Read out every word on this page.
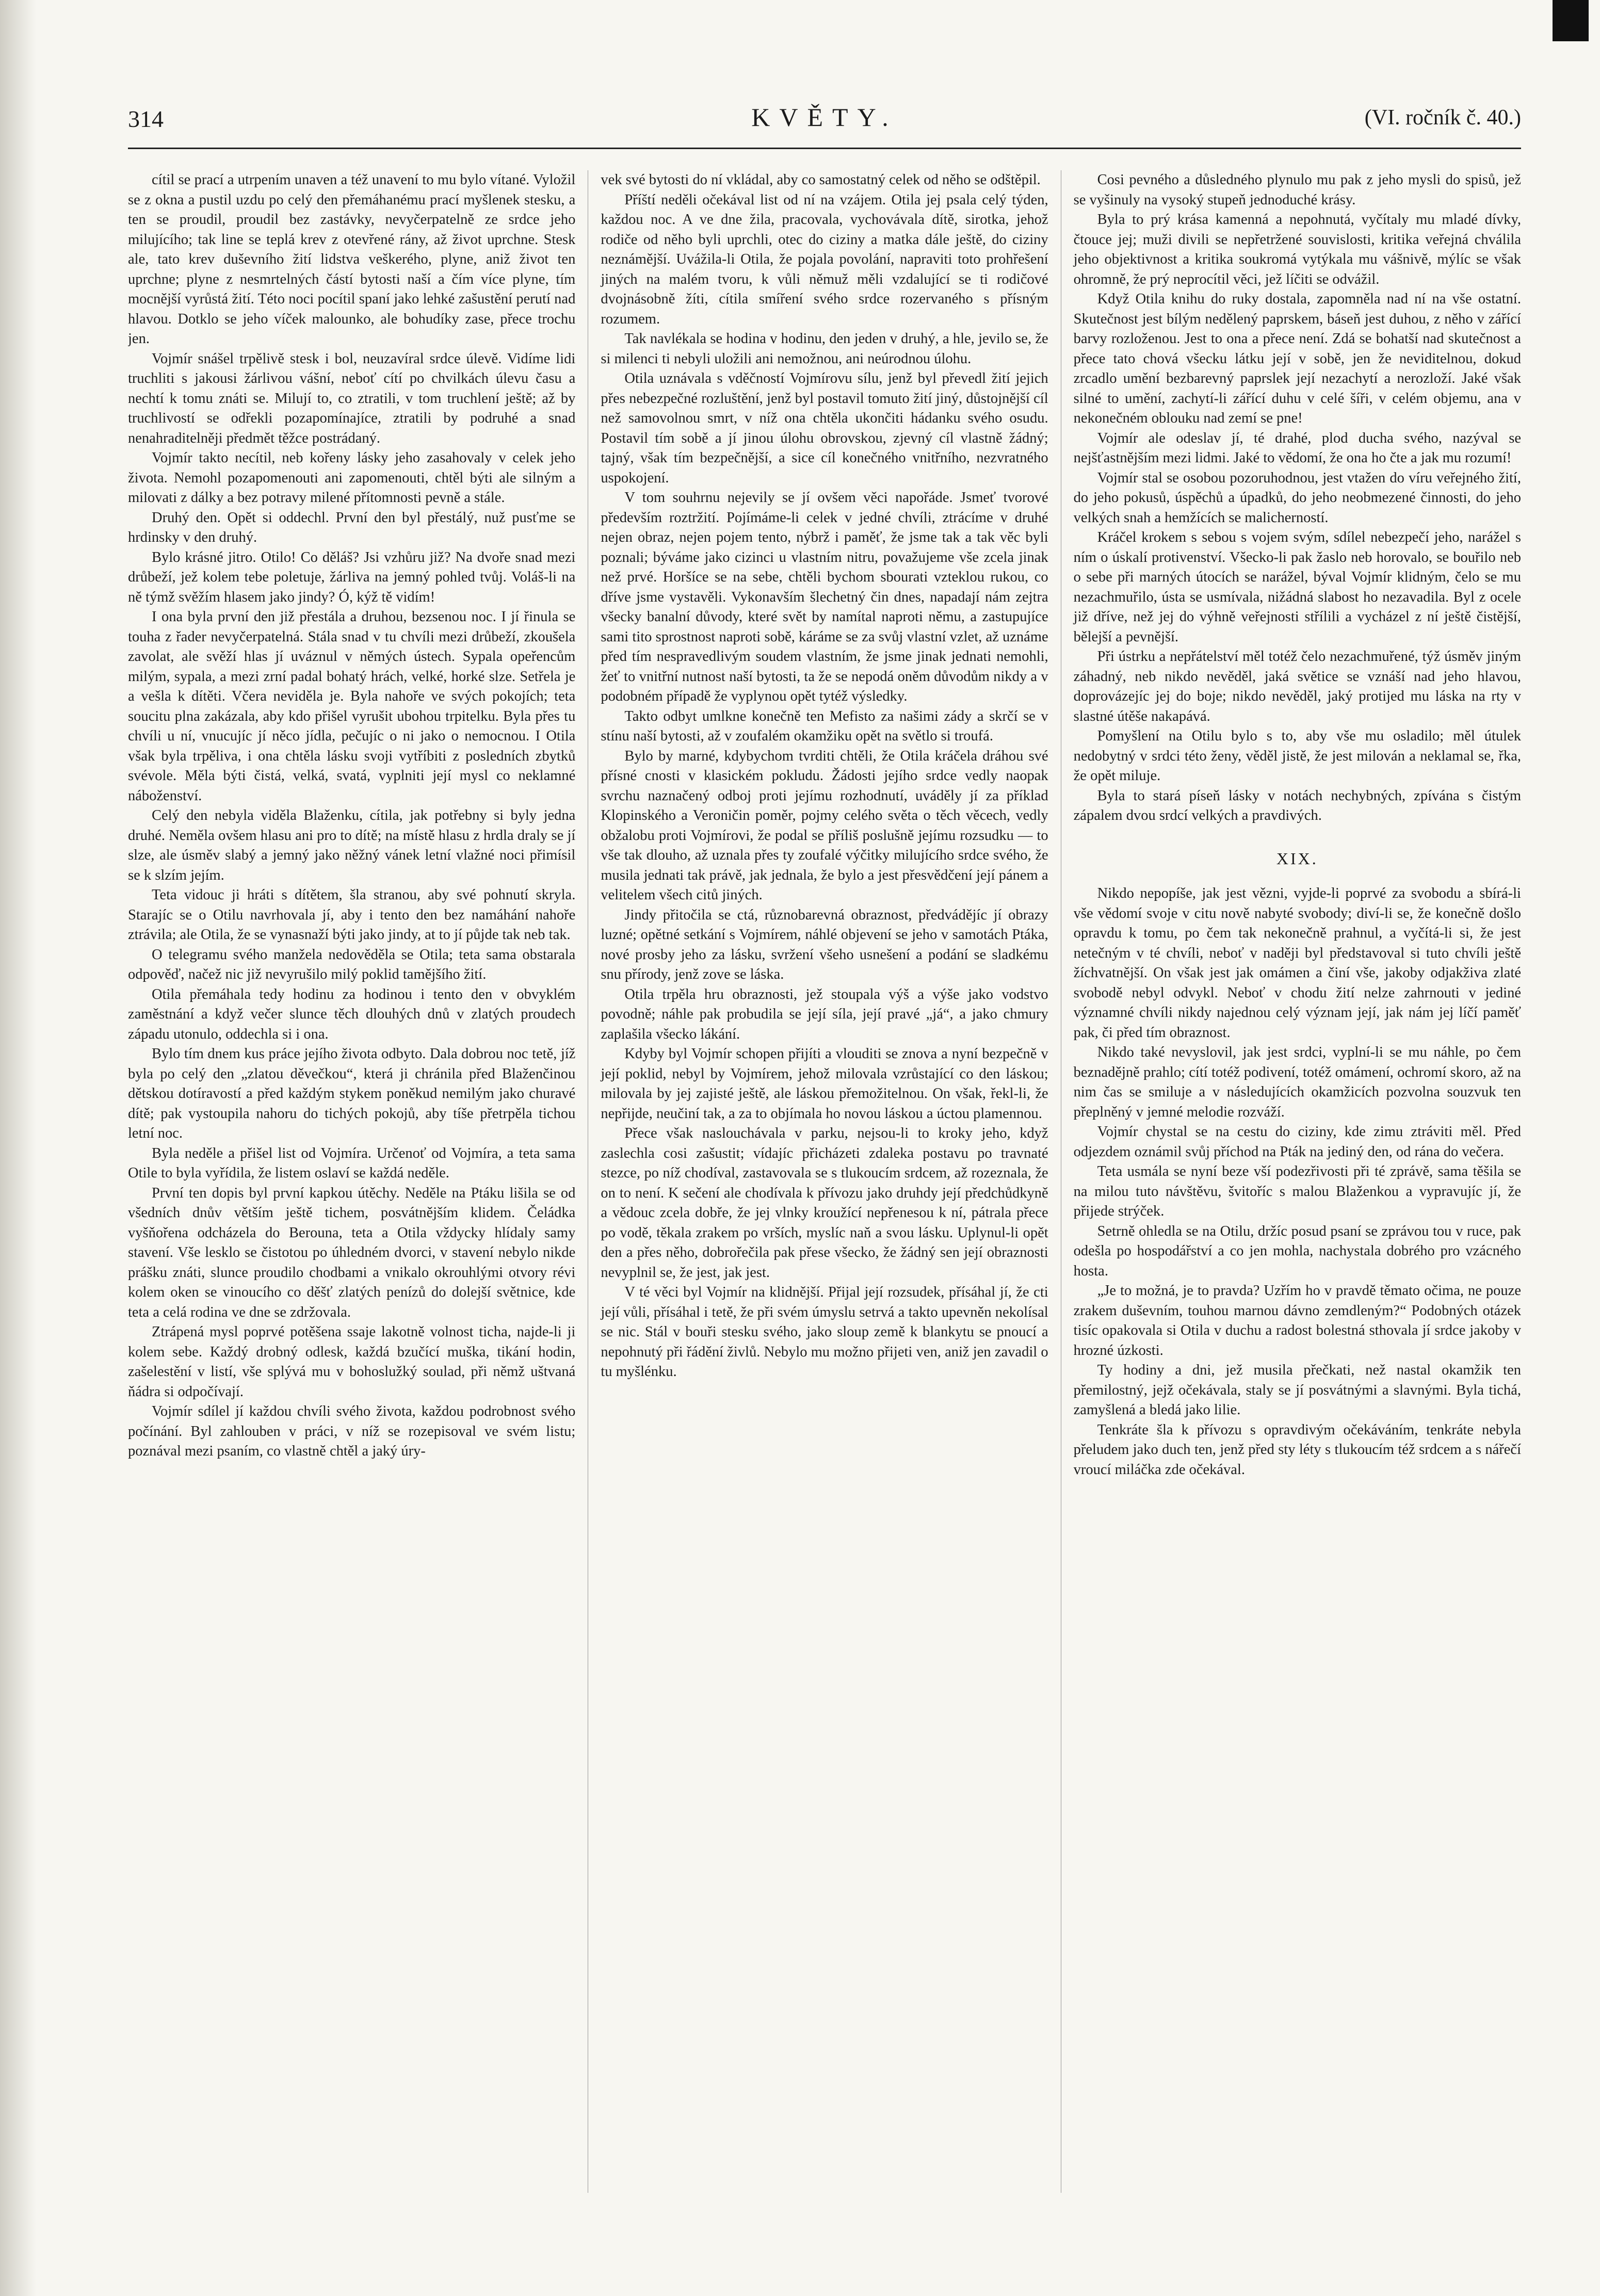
314	KVĚTY.	(VI. ročník č. 40.)

cítil se prací a utrpením unaven a též unavení to mu bylo vítané. Vyložil se z okna a pustil uzdu po celý den přemáhanému prací myšlenek stesku, a ten se proudil, proudil bez zastávky, nevyčerpatelně ze srdce jeho milujícího; tak line se teplá krev z otevřené rány, až život uprchne. Stesk ale, tato krev duševního žití lidstva veškerého, plyne, aniž život ten uprchne; plyne z nesmrtelných částí bytosti naší a čím více plyne, tím mocnější vyrůstá žití. Této noci pocítil spaní jako lehké zašustění perutí nad hlavou. Dotklo se jeho víček malounko, ale bohudíky zase, přece trochu jen.

Vojmír snášel trpělivě stesk i bol, neuzavíral srdce úlevě. Vidíme lidi truchliti s jakousi žárlivou vášní, neboť cítí po chvilkách úlevu času a nechtí k tomu znáti se. Milují to, co ztratili, v tom truchlení ještě; až by truchlivostí se odřekli pozapomínajíce, ztratili by podruhé a snad nenahraditelněji předmět těžce postrádaný.

Vojmír takto necítil, neb kořeny lásky jeho zasahovaly v celek jeho života. Nemohl pozapomenouti ani zapomenouti, chtěl býti ale silným a milovati z dálky a bez potravy milené přítomnosti pevně a stále.

Druhý den. Opět si oddechl. První den byl přestálý, nuž pusťme se hrdinsky v den druhý.

Bylo krásné jitro. Otilo! Co děláš? Jsi vzhůru již? Na dvoře snad mezi drůbeží, jež kolem tebe poletuje, žárliva na jemný pohled tvůj. Voláš-li na ně týmž svěžím hlasem jako jindy? Ó, kýž tě vidím!

I ona byla první den již přestála a druhou, bezsenou noc. I jí řinula se touha z řader nevyčerpatelná. Stála snad v tu chvíli mezi drůbeží, zkoušela zavolat, ale svěží hlas jí uváznul v němých ústech. Sypala opeřencům milým, sypala, a mezi zrní padal bohatý hrách, velké, horké slze. Setřela je a vešla k dítěti. Včera neviděla je. Byla nahoře ve svých pokojích; teta soucitu plna zakázala, aby kdo přišel vyrušit ubohou trpitelku. Byla přes tu chvíli u ní, vnucujíc jí něco jídla, pečujíc o ni jako o nemocnou. I Otila však byla trpěliva, i ona chtěla lásku svoji vytříbiti z posledních zbytků svévole. Měla býti čistá, velká, svatá, vyplniti její mysl co neklamné náboženství.

Celý den nebyla viděla Blaženku, cítila, jak potřebny si byly jedna druhé. Neměla ovšem hlasu ani pro to dítě; na místě hlasu z hrdla draly se jí slze, ale úsměv slabý a jemný jako něžný vánek letní vlažné noci přimísil se k slzím jejím.

Teta vidouc ji hráti s dítětem, šla stranou, aby své pohnutí skryla. Starajíc se o Otilu navrhovala jí, aby i tento den bez namáhání nahoře ztrávila; ale Otila, že se vynasnaží býti jako jindy, at to jí půjde tak neb tak.

O telegramu svého manžela nedověděla se Otila; teta sama obstarala odpověď, načež nic již nevyrušilo milý poklid tamějšího žití.

Otila přemáhala tedy hodinu za hodinou i tento den v obvyklém zaměstnání a když večer slunce těch dlouhých dnů v zlatých proudech západu utonulo, oddechla si i ona.

Bylo tím dnem kus práce jejího života odbyto. Dala dobrou noc tetě, jíž byla po celý den „zlatou děvečkou“, která ji chránila před Blaženčinou dětskou dotíravostí a před každým stykem poněkud nemilým jako churavé dítě; pak vystoupila nahoru do tichých pokojů, aby tíše přetrpěla tichou letní noc.

Byla neděle a přišel list od Vojmíra. Určenoť od Vojmíra, a teta sama Otile to byla vyřídila, že listem oslaví se každá neděle.

První ten dopis byl první kapkou útěchy. Neděle na Ptáku lišila se od všedních dnův větším ještě tichem, posvátnějším klidem. Čeládka vyšňořena odcházela do Berouna, teta a Otila vždycky hlídaly samy stavení. Vše lesklo se čistotou po úhledném dvorci, v stavení nebylo nikde prášku znáti, slunce proudilo chodbami a vnikalo okrouhlými otvory révi kolem oken se vinoucího co děšť zlatých penízů do dolejší světnice, kde teta a celá rodina ve dne se zdržovala.

Ztrápená mysl poprvé potěšena ssaje lakotně volnost ticha, najde-li ji kolem sebe. Každý drobný odlesk, každá bzučící muška, tikání hodin, zašelestění v listí, vše splývá mu v bohoslužký soulad, při němž uštvaná ňádra si odpočívají.

Vojmír sdílel jí každou chvíli svého života, každou podrobnost svého počínání. Byl zahlouben v práci, v níž se rozepisoval ve svém listu; poznával mezi psaním, co vlastně chtěl a jaký úry-

vek své bytosti do ní vkládal, aby co samostatný celek od něho se odštěpil.

Příští neděli očekával list od ní na vzájem. Otila jej psala celý týden, každou noc. A ve dne žila, pracovala, vychovávala dítě, sirotka, jehož rodiče od něho byli uprchli, otec do ciziny a matka dále ještě, do ciziny neznámější. Uvážila-li Otila, že pojala povolání, napraviti toto prohřešení jiných na malém tvoru, k vůli němuž měli vzdalující se ti rodičové dvojnásobně žíti, cítila smíření svého srdce rozervaného s přísným rozumem.

Tak navlékala se hodina v hodinu, den jeden v druhý, a hle, jevilo se, že si milenci ti nebyli uložili ani nemožnou, ani neúrodnou úlohu.

Otila uznávala s vděčností Vojmírovu sílu, jenž byl převedl žití jejich přes nebezpečné rozluštění, jenž byl postavil tomuto žití jiný, důstojnější cíl než samovolnou smrt, v níž ona chtěla ukončiti hádanku svého osudu. Postavil tím sobě a jí jinou úlohu obrovskou, zjevný cíl vlastně žádný; tajný, však tím bezpečnější, a sice cíl konečného vnitřního, nezvratného uspokojení.

V tom souhrnu nejevily se jí ovšem věci napořáde. Jsmeť tvorové především roztržití. Pojímáme-li celek v jedné chvíli, ztrácíme v druhé nejen obraz, nejen pojem tento, nýbrž i paměť, že jsme tak a tak věc byli poznali; býváme jako cizinci u vlastním nitru, považujeme vše zcela jinak než prvé. Horšíce se na sebe, chtěli bychom sbourati vzteklou rukou, co dříve jsme vystavěli. Vykonavším šlechetný čin dnes, napadají nám zejtra všecky banalní důvody, které svět by namítal naproti němu, a zastupujíce sami tito sprostnost naproti sobě, káráme se za svůj vlastní vzlet, až uznáme před tím nespravedlivým soudem vlastním, že jsme jinak jednati nemohli, žeť to vnitřní nutnost naší bytosti, ta že se nepodá oněm důvodům nikdy a v podobném případě že vyplynou opět tytéž výsledky.

Takto odbyt umlkne konečně ten Mefisto za našimi zády a skrčí se v stínu naší bytosti, až v zoufalém okamžiku opět na světlo si troufá.

Bylo by marné, kdybychom tvrditi chtěli, že Otila kráčela dráhou své přísné cnosti v klasickém pokludu. Žádosti jejího srdce vedly naopak svrchu naznačený odboj proti jejímu rozhodnutí, uváděly jí za příklad Klopinského a Veroničin poměr, pojmy celého světa o těch věcech, vedly obžalobu proti Vojmírovi, že podal se příliš poslušně jejímu rozsudku — to vše tak dlouho, až uznala přes ty zoufalé výčitky milujícího srdce svého, že musila jednati tak právě, jak jednala, že bylo a jest přesvědčení její pánem a velitelem všech citů jiných.

Jindy přitočila se ctá, různobarevná obraznost, předvádějíc jí obrazy luzné; opětné setkání s Vojmírem, náhlé objevení se jeho v samotách Ptáka, nové prosby jeho za lásku, svržení všeho usnešení a podání se sladkému snu přírody, jenž zove se láska.

Otila trpěla hru obraznosti, jež stoupala výš a výše jako vodstvo povodně; náhle pak probudila se její síla, její pravé „já“, a jako chmury zaplašila všecko lákání.

Kdyby byl Vojmír schopen přijíti a vlouditi se znova a nyní bezpečně v její poklid, nebyl by Vojmírem, jehož milovala vzrůstající co den láskou; milovala by jej zajisté ještě, ale láskou přemožitelnou. On však, řekl-li, že nepřijde, neučiní tak, a za to objímala ho novou láskou a úctou plamennou.

Přece však naslouchávala v parku, nejsou-li to kroky jeho, když zaslechla cosi zašustit; vídajíc přicházeti zdaleka postavu po travnaté stezce, po níž chodíval, zastavovala se s tlukoucím srdcem, až rozeznala, že on to není. K sečení ale chodívala k přívozu jako druhdy její předchůdkyně a vědouc zcela dobře, že jej vlnky kroužící nepřenesou k ní, pátrala přece po vodě, těkala zrakem po vrších, myslíc naň a svou lásku. Uplynul-li opět den a přes něho, dobrořečila pak přese všecko, že žádný sen její obraznosti nevyplnil se, že jest, jak jest.

V té věci byl Vojmír na klidnější. Přijal její rozsudek, přísáhal jí, že cti její vůli, přísáhal i tetě, že při svém úmyslu setrvá a takto upevněn nekolísal se nic. Stál v bouři stesku svého, jako sloup země k blankytu se pnoucí a nepohnutý při řádění živlů. Nebylo mu možno přijeti ven, aniž jen zavadil o tu myšlénku.

Cosi pevného a důsledného plynulo mu pak z jeho mysli do spisů, jež se vyšinuly na vysoký stupeň jednoduché krásy.

Byla to prý krása kamenná a nepohnutá, vyčítaly mu mladé dívky, čtouce jej; muži divili se nepřetržené souvislosti, kritika veřejná chválila jeho objektivnost a kritika soukromá vytýkala mu vášnivě, mýlíc se však ohromně, že prý neprocítil věci, jež líčiti se odvážil.

Když Otila knihu do ruky dostala, zapomněla nad ní na vše ostatní. Skutečnost jest bílým nedělený paprskem, báseň jest duhou, z něho v zářící barvy rozloženou. Jest to ona a přece není. Zdá se bohatší nad skutečnost a přece tato chová všecku látku její v sobě, jen že neviditelnou, dokud zrcadlo umění bezbarevný paprslek její nezachytí a nerozloží. Jaké však silné to umění, zachytí-li zářící duhu v celé šíři, v celém objemu, ana v nekonečném oblouku nad zemí se pne!

Vojmír ale odeslav jí, té drahé, plod ducha svého, nazýval se nejšťastnějším mezi lidmi. Jaké to vědomí, že ona ho čte a jak mu rozumí!

Vojmír stal se osobou pozoruhodnou, jest vtažen do víru veřejného žití, do jeho pokusů, úspěchů a úpadků, do jeho neobmezené činnosti, do jeho velkých snah a hemžících se malicherností.

Kráčel krokem s sebou s vojem svým, sdílel nebezpečí jeho, narážel s ním o úskalí protivenství. Všecko-li pak žaslo neb horovalo, se bouřilo neb o sebe při marných útocích se narážel, býval Vojmír klidným, čelo se mu nezachmuřilo, ústa se usmívala, nižádná slabost ho nezavadila. Byl z ocele již dříve, než jej do výhně veřejnosti střílili a vycházel z ní ještě čistější, bělejší a pevnější.

Při ústrku a nepřátelství měl totéž čelo nezachmuřené, týž úsměv jiným záhadný, neb nikdo nevěděl, jaká světice se vznáší nad jeho hlavou, doprovázejíc jej do boje; nikdo nevěděl, jaký protijed mu láska na rty v slastné útěše nakapává.

Pomyšlení na Otilu bylo s to, aby vše mu osladilo; měl útulek nedobytný v srdci této ženy, věděl jistě, že jest milován a neklamal se, řka, že opět miluje.

Byla to stará píseň lásky v notách nechybných, zpívána s čistým zápalem dvou srdcí velkých a pravdivých.

XIX.

Nikdo nepopíše, jak jest vězni, vyjde-li poprvé za svobodu a sbírá-li vše vědomí svoje v citu nově nabyté svobody; diví-li se, že konečně došlo opravdu k tomu, po čem tak nekonečně prahnul, a vyčítá-li si, že jest netečným v té chvíli, neboť v naději byl představoval si tuto chvíli ještě žíchvatnější. On však jest jak omámen a činí vše, jakoby odjakživa zlaté svobodě nebyl odvykl. Neboť v chodu žití nelze zahrnouti v jediné významné chvíli nikdy najednou celý význam její, jak nám jej líčí paměť pak, či před tím obraznost.

Nikdo také nevyslovil, jak jest srdci, vyplní-li se mu náhle, po čem beznadějně prahlo; cítí totéž podivení, totéž omámení, ochromí skoro, až na nim čas se smiluje a v následujících okamžicích pozvolna souzvuk ten přeplněný v jemné melodie rozváží.

Vojmír chystal se na cestu do ciziny, kde zimu ztráviti měl. Před odjezdem oznámil svůj příchod na Pták na jediný den, od rána do večera.

Teta usmála se nyní beze vší podezřivosti při té zprávě, sama těšila se na milou tuto návštěvu, švitoříc s malou Blaženkou a vypravujíc jí, že přijede strýček.

Setrně ohledla se na Otilu, držíc posud psaní se zprávou tou v ruce, pak odešla po hospodářství a co jen mohla, nachystala dobrého pro vzácného hosta.

„Je to možná, je to pravda? Uzřím ho v pravdě těmato očima, ne pouze zrakem duševním, touhou marnou dávno zemdleným?“ Podobných otázek tisíc opakovala si Otila v duchu a radost bolestná sthovala jí srdce jakoby v hrozné úzkosti.

Ty hodiny a dni, jež musila přečkati, než nastal okamžik ten přemilostný, jejž očekávala, staly se jí posvátnými a slavnými. Byla tichá, zamyšlená a bledá jako lilie.

Tenkráte šla k přívozu s opravdivým očekáváním, tenkráte nebyla přeludem jako duch ten, jenž před sty léty s tlukoucím též srdcem a s nářečí vroucí miláčka zde očekával.
